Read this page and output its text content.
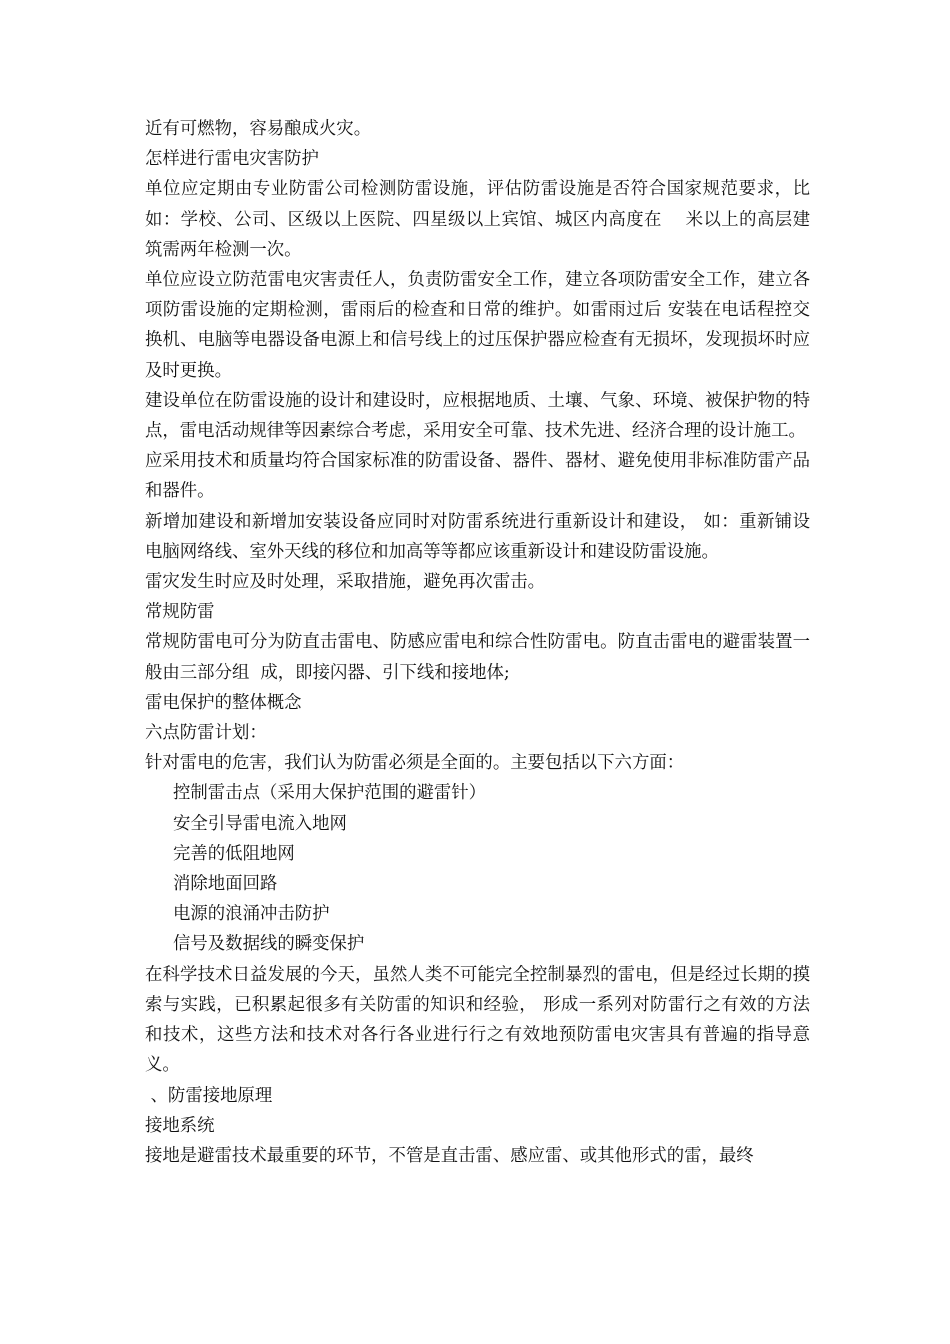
近有可燃物，容易酿成火灾。

怎样进行雷电灾害防护

单位应定期由专业防雷公司检测防雷设施，评估防雷设施是否符合国家规范要求，比如：学校、公司、区级以上医院、四星级以上宾馆、城区内高度在　 米以上的高层建筑需两年检测一次。

单位应设立防范雷电灾害责任人，负责防雷安全工作，建立各项防雷安全工作，建立各项防雷设施的定期检测，雷雨后的检查和日常的维护。如雷雨过后 安装在电话程控交换机、电脑等电器设备电源上和信号线上的过压保护器应检查有无损坏，发现损坏时应及时更换。

建设单位在防雷设施的设计和建设时，应根据地质、土壤、气象、环境、被保护物的特点，雷电活动规律等因素综合考虑，采用安全可靠、技术先进、经济合理的设计施工。

应采用技术和质量均符合国家标准的防雷设备、器件、器材、避免使用非标准防雷产品和器件。

新增加建设和新增加安装设备应同时对防雷系统进行重新设计和建设， 如：重新铺设电脑网络线、室外天线的移位和加高等等都应该重新设计和建设防雷设施。

雷灾发生时应及时处理，采取措施，避免再次雷击。

常规防雷

常规防雷电可分为防直击雷电、防感应雷电和综合性防雷电。防直击雷电的避雷装置一般由三部分组  成，即接闪器、引下线和接地体;

雷电保护的整体概念

六点防雷计划：

针对雷电的危害，我们认为防雷必须是全面的。主要包括以下六方面：

控制雷击点（采用大保护范围的避雷针）

安全引导雷电流入地网

完善的低阻地网

消除地面回路

电源的浪涌冲击防护

信号及数据线的瞬变保护

在科学技术日益发展的今天，虽然人类不可能完全控制暴烈的雷电，但是经过长期的摸索与实践，已积累起很多有关防雷的知识和经验， 形成一系列对防雷行之有效的方法和技术，这些方法和技术对各行各业进行行之有效地预防雷电灾害具有普遍的指导意义。

、防雷接地原理

接地系统

接地是避雷技术最重要的环节，不管是直击雷、感应雷、或其他形式的雷，最终
